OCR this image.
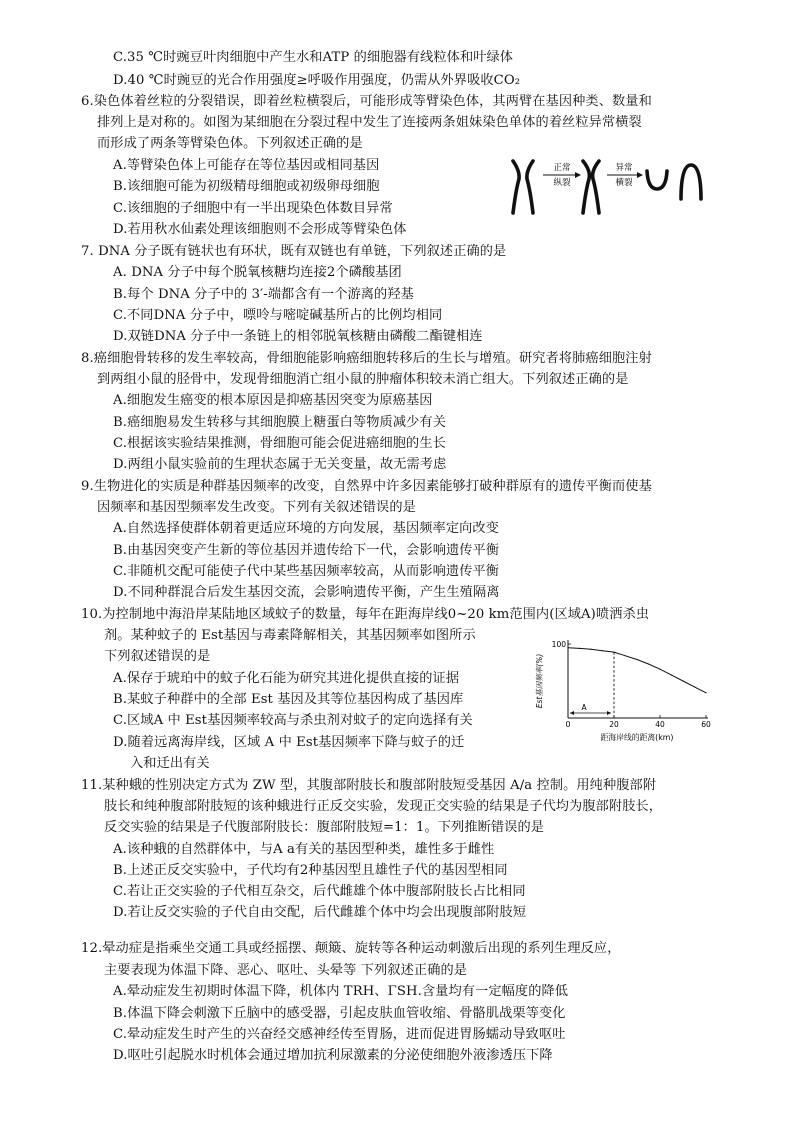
C.35 ℃时豌豆叶肉细胞中产生水和ATP 的细胞器有线粒体和叶绿体
D.40 ℃时豌豆的光合作用强度≥呼吸作用强度，仍需从外界吸收CO₂
6.染色体着丝粒的分裂错误，即着丝粒横裂后，可能形成等臂染色体，其两臂在基因种类、数量和
排列上是对称的。如图为某细胞在分裂过程中发生了连接两条姐妹染色单体的着丝粒异常横裂
而形成了两条等臂染色体。下列叙述正确的是
A.等臂染色体上可能存在等位基因或相同基因
B.该细胞可能为初级精母细胞或初级卵母细胞
C.该细胞的子细胞中有一半出现染色体数目异常
D.若用秋水仙素处理该细胞则不会形成等臂染色体
正常
纵裂
异常
横裂
7. DNA 分子既有链状也有环状，既有双链也有单链，下列叙述正确的是
A. DNA 分子中每个脱氧核糖均连接2个磷酸基团
B.每个 DNA 分子中的 3′-端都含有一个游离的羟基
C.不同DNA 分子中，嘌呤与嘧啶碱基所占的比例均相同
D.双链DNA 分子中一条链上的相邻脱氧核糖由磷酸二酯键相连
8.癌细胞骨转移的发生率较高，骨细胞能影响癌细胞转移后的生长与增殖。研究者将肺癌细胞注射
到两组小鼠的胫骨中，发现骨细胞消亡组小鼠的肿瘤体积较未消亡组大。下列叙述正确的是
A.细胞发生癌变的根本原因是抑癌基因突变为原癌基因
B.癌细胞易发生转移与其细胞膜上糖蛋白等物质减少有关
C.根据该实验结果推测，骨细胞可能会促进癌细胞的生长
D.两组小鼠实验前的生理状态属于无关变量，故无需考虑
9.生物进化的实质是种群基因频率的改变，自然界中许多因素能够打破种群原有的遗传平衡而使基
因频率和基因型频率发生改变。下列有关叙述错误的是
A.自然选择使群体朝着更适应环境的方向发展，基因频率定向改变
B.由基因突变产生新的等位基因并遗传给下一代，会影响遗传平衡
C.非随机交配可能使子代中某些基因频率较高，从而影响遗传平衡
D.不同种群混合后发生基因交流，会影响遗传平衡，产生生殖隔离
10.为控制地中海沿岸某陆地区域蚊子的数量，每年在距海岸线0~20 km范围内(区域A)喷洒杀虫
剂。某种蚊子的 Est基因与毒素降解相关，其基因频率如图所示
下列叙述错误的是
A.保存于琥珀中的蚊子化石能为研究其进化提供直接的证据
B.某蚊子种群中的全部 Est 基因及其等位基因构成了基因库
C.区域A 中 Est基因频率较高与杀虫剂对蚊子的定向选择有关
D.随着远离海岸线，区域 A 中 Est基因频率下降与蚊子的迁
入和迁出有关
100
0	20	40	60
Est基因频率(%)
距海岸线的距离(km)
A
11.某种蛾的性别决定方式为 ZW 型，其腹部附肢长和腹部附肢短受基因 A/a 控制。用纯种腹部附
肢长和纯种腹部附肢短的该种蛾进行正反交实验，发现正交实验的结果是子代均为腹部附肢长，
反交实验的结果是子代腹部附肢长：腹部附肢短=1：1。下列推断错误的是
A.该种蛾的自然群体中，与A a有关的基因型种类，雄性多于雌性
B.上述正反交实验中，子代均有2种基因型且雄性子代的基因型相同
C.若让正交实验的子代相互杂交，后代雌雄个体中腹部附肢长占比相同
D.若让反交实验的子代自由交配，后代雌雄个体中均会出现腹部附肢短
12.晕动症是指乘坐交通工具或经摇摆、颠簸、旋转等各种运动刺激后出现的系列生理反应，
主要表现为体温下降、恶心、呕吐、头晕等 下列叙述正确的是
A.晕动症发生初期时体温下降，机体内 TRH、ΓSH.含量均有一定幅度的降低
B.体温下降会刺激下丘脑中的感受器，引起皮肤血管收缩、骨骼肌战栗等变化
C.晕动症发生时产生的兴奋经交感神经传至胃肠，进而促进胃肠蠕动导致呕吐
D.呕吐引起脱水时机体会通过增加抗利尿激素的分泌使细胞外液渗透压下降
